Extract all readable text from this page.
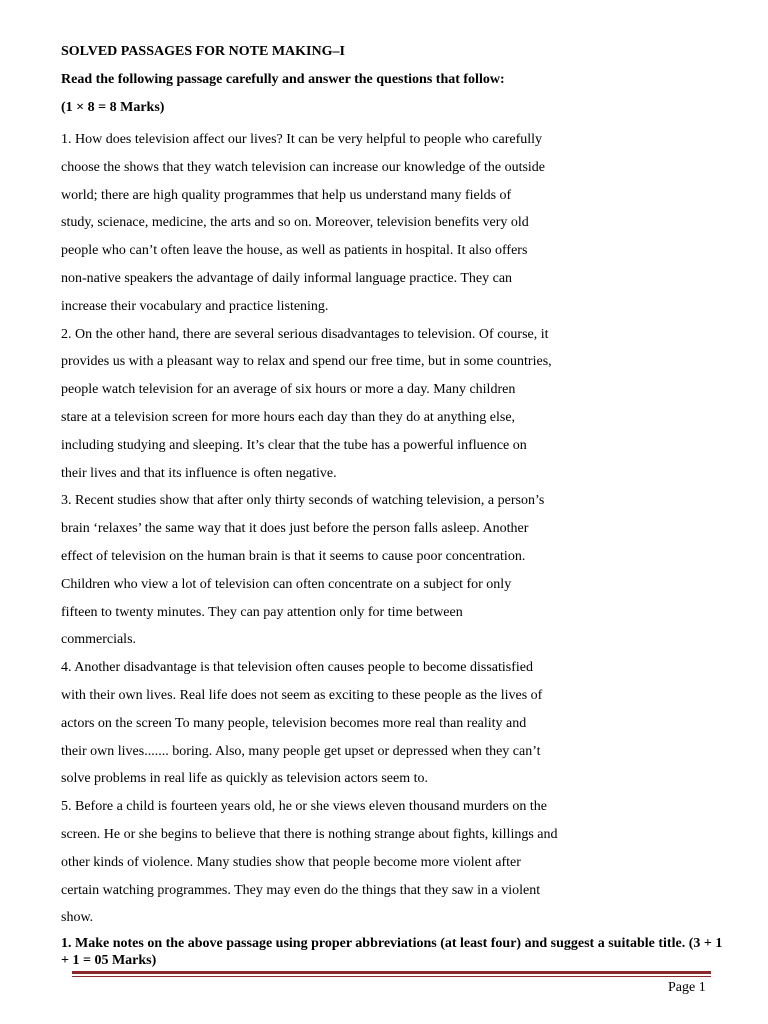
SOLVED PASSAGES FOR NOTE MAKING–I
Read the following passage carefully and answer the questions that follow:
(1 × 8 = 8 Marks)
1. How does television affect our lives? It can be very helpful to people who carefully
choose the shows that they watch television can increase our knowledge of the outside
world; there are high quality programmes that help us understand many fields of
study, scienace, medicine, the arts and so on. Moreover, television benefits very old
people who can’t often leave the house, as well as patients in hospital. It also offers
non-native speakers the advantage of daily informal language practice. They can
increase their vocabulary and practice listening.
2. On the other hand, there are several serious disadvantages to television. Of course, it
provides us with a pleasant way to relax and spend our free time, but in some countries,
people watch television for an average of six hours or more a day. Many children
stare at a television screen for more hours each day than they do at anything else,
including studying and sleeping. It’s clear that the tube has a powerful influence on
their lives and that its influence is often negative.
3. Recent studies show that after only thirty seconds of watching television, a person’s
brain ‘relaxes’ the same way that it does just before the person falls asleep. Another
effect of television on the human brain is that it seems to cause poor concentration.
Children who view a lot of television can often concentrate on a subject for only
fifteen to twenty minutes. They can pay attention only for time between
commercials.
4. Another disadvantage is that television often causes people to become dissatisfied
with their own lives. Real life does not seem as exciting to these people as the lives of
actors on the screen To many people, television becomes more real than reality and
their own lives....... boring. Also, many people get upset or depressed when they can’t
solve problems in real life as quickly as television actors seem to.
5. Before a child is fourteen years old, he or she views eleven thousand murders on the
screen. He or she begins to believe that there is nothing strange about fights, killings and
other kinds of violence. Many studies show that people become more violent after
certain watching programmes. They may even do the things that they saw in a violent
show.
1. Make notes on the above passage using proper abbreviations (at least four) and suggest a suitable title. (3 + 1 + 1 = 05 Marks)
Page 1
